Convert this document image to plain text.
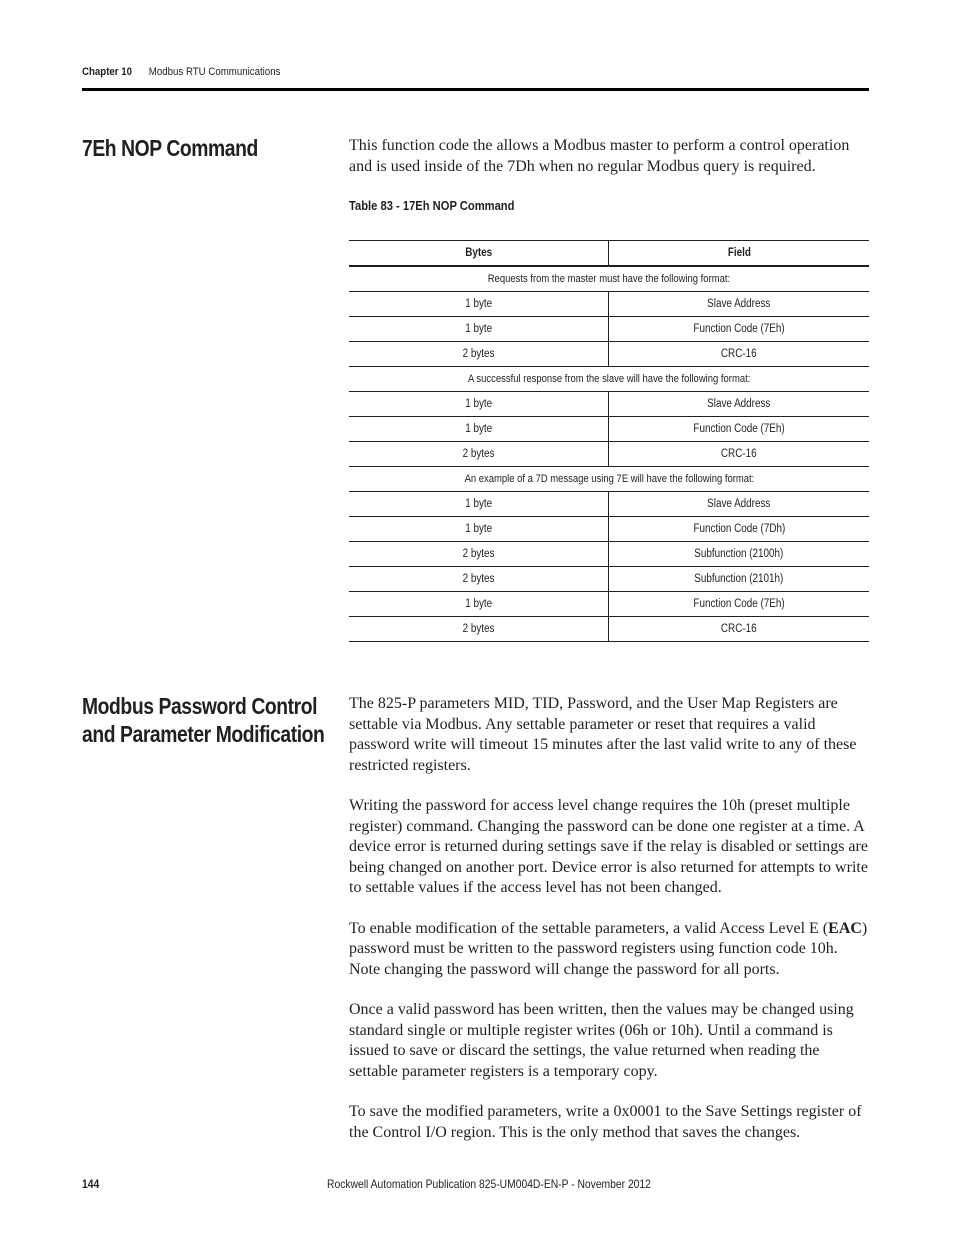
Chapter 10 Modbus RTU Communications
7Eh NOP Command	This function code the allows a Modbus master to perform a control operation and is used inside of the 7Dh when no regular Modbus query is required.

Table 83 - 17Eh NOP Command
Bytes	Field
Requests from the master must have the following format:	
1 byte	Slave Address
1 byte	Function Code (7Eh)
2 bytes	CRC-16
A successful response from the slave will have the following format:	
1 byte	Slave Address
1 byte	Function Code (7Eh)
2 bytes	CRC-16
An example of a 7D message using 7E will have the following format:	
1 byte	Slave Address
1 byte	Function Code (7Dh)
2 bytes	Subfunction (2100h)
2 bytes	Subfunction (2101h)
1 byte	Function Code (7Eh)
2 bytes	CRC-16
Modbus Password Control
and Parameter Modification

The 825-P parameters MID, TID, Password, and the User Map Registers are settable via Modbus. Any settable parameter or reset that requires a valid password write will timeout 15 minutes after the last valid write to any of these restricted registers.

Writing the password for access level change requires the 10h (preset multiple register) command. Changing the password can be done one register at a time. A device error is returned during settings save if the relay is disabled or settings are being changed on another port. Device error is also returned for attempts to write to settable values if the access level has not been changed.

To enable modification of the settable parameters, a valid Access Level E (EAC) password must be written to the password registers using function code 10h. Note changing the password will change the password for all ports.

Once a valid password has been written, then the values may be changed using standard single or multiple register writes (06h or 10h). Until a command is issued to save or discard the settings, the value returned when reading the settable parameter registers is a temporary copy.

To save the modified parameters, write a 0x0001 to the Save Settings register of the Control I/O region. This is the only method that saves the changes.

144	Rockwell Automation Publication 825-UM004D-EN-P - November 2012
